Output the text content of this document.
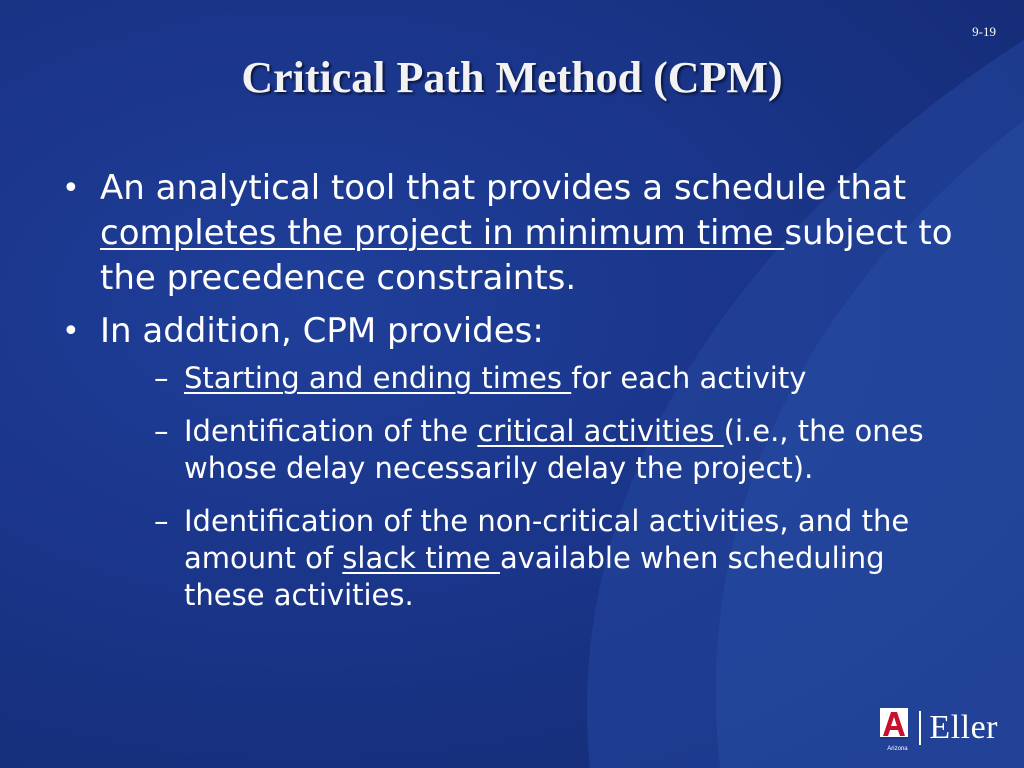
9-19
Critical Path Method (CPM)
• An analytical tool that provides a schedule that completes the project in minimum time subject to the precedence constraints.
• In addition, CPM provides:
– Starting and ending times for each activity
– Identification of the critical activities (i.e., the ones whose delay necessarily delay the project).
– Identification of the non-critical activities, and the amount of slack time available when scheduling these activities.
Arizona
Eller
